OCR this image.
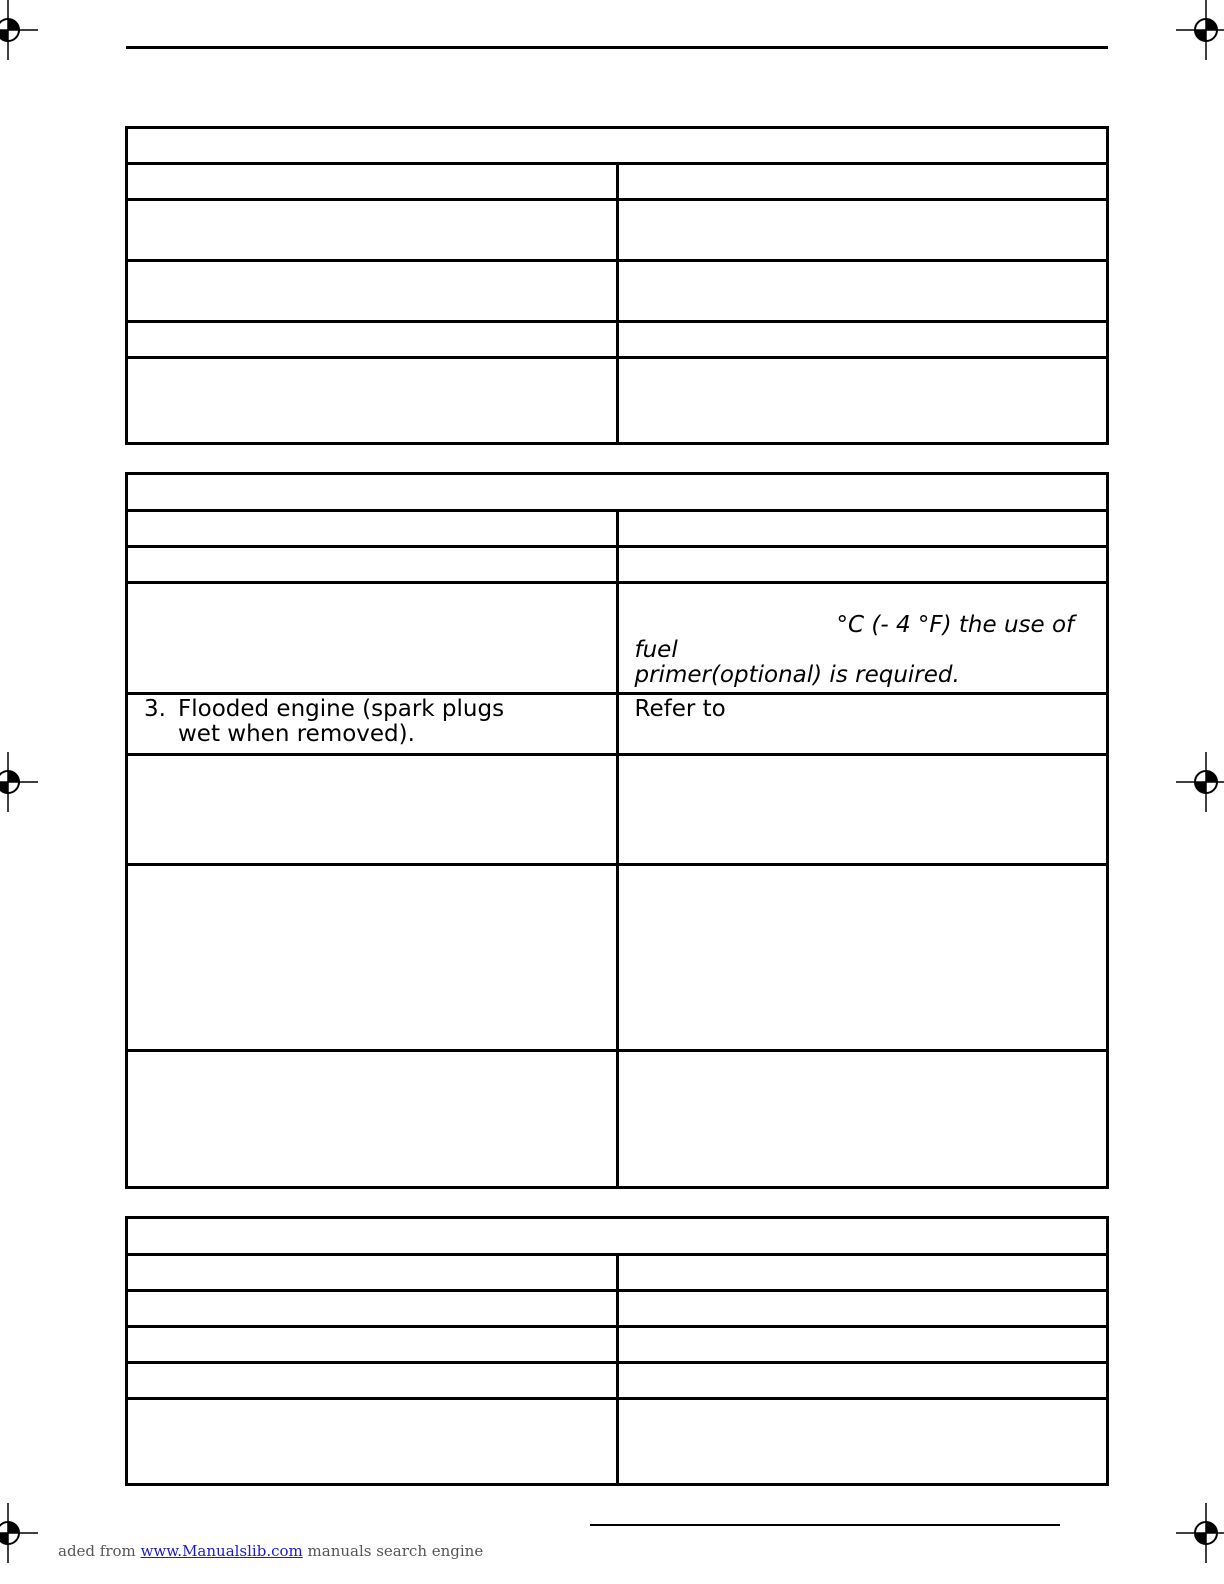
	°C (- 4 °F) the use of fuel
primer(optional) is required.

3. Flooded engine (spark plugs
wet when removed).	Refer to

aded from www.Manualslib.com manuals search engine
